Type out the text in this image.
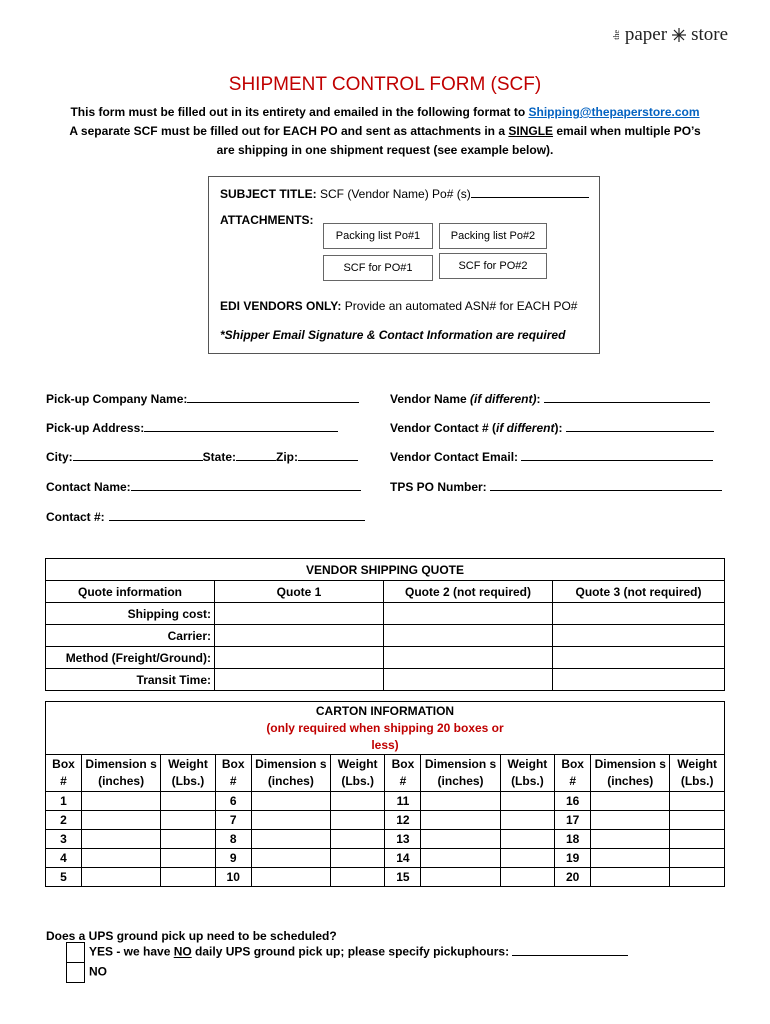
the paper store
SHIPMENT CONTROL FORM (SCF)
This form must be filled out in its entirety and emailed in the following format to Shipping@thepaperstore.com
A separate SCF must be filled out for EACH PO and sent as attachments in a SINGLE email when multiple PO’s
are shipping in one shipment request (see example below).
SUBJECT TITLE: SCF (Vendor Name) Po# (s)
ATTACHMENTS:
Packing list Po#1	Packing list Po#2
SCF for PO#1	SCF for PO#2
EDI VENDORS ONLY: Provide an automated ASN# for EACH PO#
*Shipper Email Signature & Contact Information are required
Pick-up Company Name:
Pick-up Address:
City:	State:	Zip:
Contact Name:
Contact #:
Vendor Name (if different):
Vendor Contact # (if different):
Vendor Contact Email:
TPS PO Number:
VENDOR SHIPPING QUOTE			
Quote information	Quote 1	Quote 2 (not required)	Quote 3 (not required)
Shipping cost:			
Carrier:			
Method (Freight/Ground):			
Transit Time:			
CARTON INFORMATION
(only required when shipping 20 boxes or less)											

Box #	Dimension s (inches)	Weight (Lbs.)	Box #	Dimension s (inches)	Weight (Lbs.)	Box #	Dimension s (inches)	Weight (Lbs.)	Box #	Dimension s (inches)	Weight (Lbs.)
1			6			11			16		
2			7			12			17		
3			8			13			18		
4			9			14			19		
5			10			15			20		
Does a UPS ground pick up need to be scheduled?
YES - we have NO daily UPS ground pick up; please specify pickuphours:
NO
